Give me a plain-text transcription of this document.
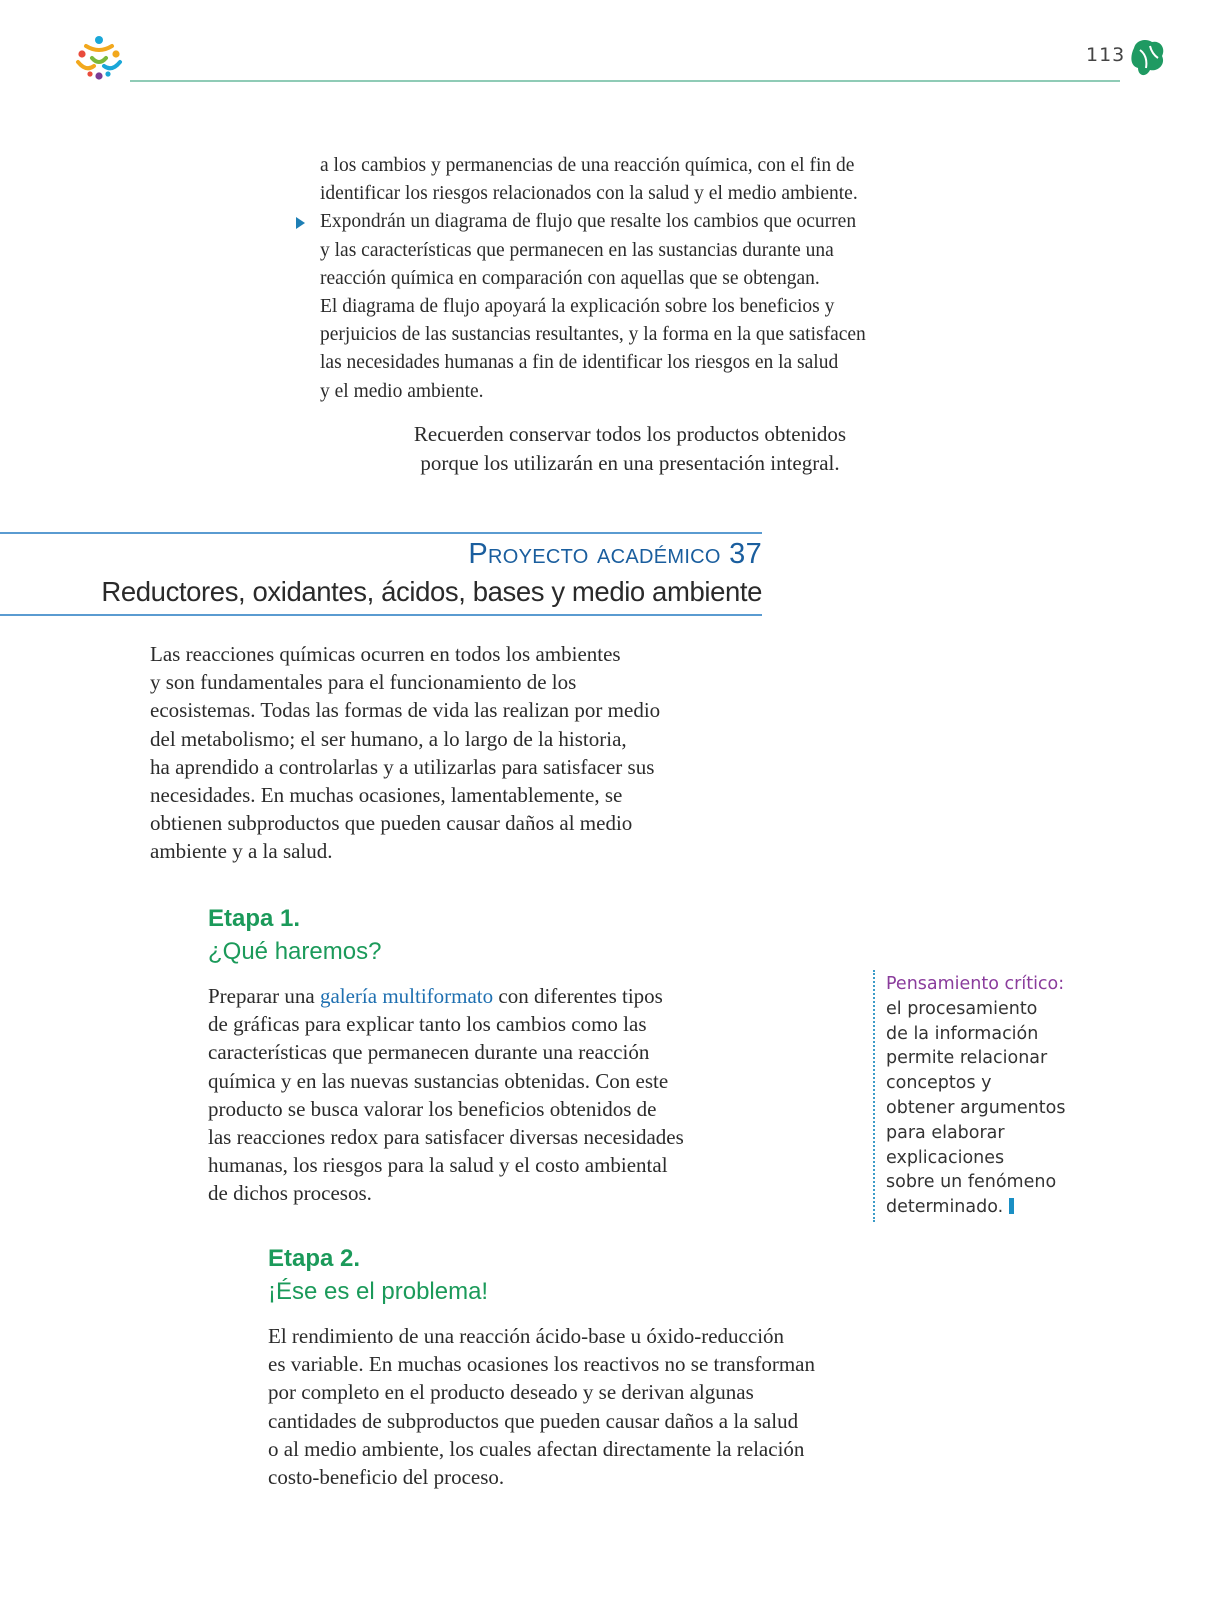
113

a los cambios y permanencias de una reacción química, con el fin de

identificar los riesgos relacionados con la salud y el medio ambiente.

Expondrán un diagrama de flujo que resalte los cambios que ocurren

y las características que permanecen en las sustancias durante una

reacción química en comparación con aquellas que se obtengan.

El diagrama de flujo apoyará la explicación sobre los beneficios y

perjuicios de las sustancias resultantes, y la forma en la que satisfacen

las necesidades humanas a fin de identificar los riesgos en la salud

y el medio ambiente.

Recuerden conservar todos los productos obtenidos

porque los utilizarán en una presentación integral.

Proyecto académico 37
Reductores, oxidantes, ácidos, bases y medio ambiente

Las reacciones químicas ocurren en todos los ambientes

y son fundamentales para el funcionamiento de los

ecosistemas. Todas las formas de vida las realizan por medio

del metabolismo; el ser humano, a lo largo de la historia,

ha aprendido a controlarlas y a utilizarlas para satisfacer sus

necesidades. En muchas ocasiones, lamentablemente, se

obtienen subproductos que pueden causar daños al medio

ambiente y a la salud.

Etapa 1.
¿Qué haremos?

Preparar una galería multiformato con diferentes tipos

de gráficas para explicar tanto los cambios como las

características que permanecen durante una reacción

química y en las nuevas sustancias obtenidas. Con este

producto se busca valorar los beneficios obtenidos de

las reacciones redox para satisfacer diversas necesidades

humanas, los riesgos para la salud y el costo ambiental

de dichos procesos.

Pensamiento crítico:

el procesamiento

de la información

permite relacionar

conceptos y

obtener argumentos

para elaborar

explicaciones

sobre un fenómeno

determinado.

Etapa 2.
¡Ése es el problema!

El rendimiento de una reacción ácido-base u óxido-reducción

es variable. En muchas ocasiones los reactivos no se transforman

por completo en el producto deseado y se derivan algunas

cantidades de subproductos que pueden causar daños a la salud

o al medio ambiente, los cuales afectan directamente la relación

costo-beneficio del proceso.
